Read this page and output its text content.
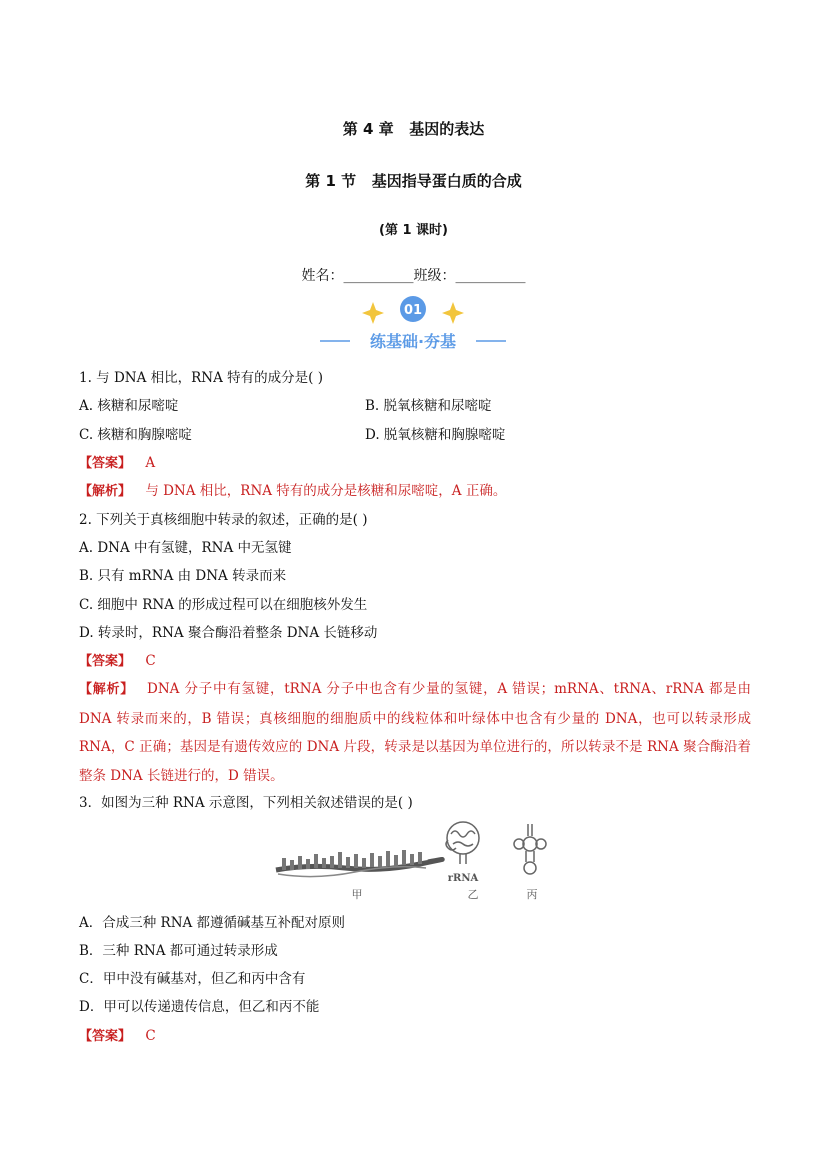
第 4 章   基因的表达
第 1 节   基因指导蛋白质的合成
(第 1 课时)
姓名：__________班级：__________
01
练基础·夯基
1. 与 DNA 相比，RNA 特有的成分是( )
A. 核糖和尿嘧啶	B. 脱氧核糖和尿嘧啶
C. 核糖和胸腺嘧啶	D. 脱氧核糖和胸腺嘧啶
【答案】 A
【解析】 与 DNA 相比，RNA 特有的成分是核糖和尿嘧啶，A 正确。
2. 下列关于真核细胞中转录的叙述，正确的是( )
A. DNA 中有氢键，RNA 中无氢键
B. 只有 mRNA 由 DNA 转录而来
C. 细胞中 RNA 的形成过程可以在细胞核外发生
D. 转录时，RNA 聚合酶沿着整条 DNA 长链移动
【答案】 C
【解析】 DNA 分子中有氢键，tRNA 分子中也含有少量的氢键，A 错误；mRNA、tRNA、rRNA 都是由 DNA 转录而来的，B 错误；真核细胞的细胞质中的线粒体和叶绿体中也含有少量的 DNA，也可以转录形成 RNA，C 正确；基因是有遗传效应的 DNA 片段，转录是以基因为单位进行的，所以转录不是 RNA 聚合酶沿着整条 DNA 长链进行的，D 错误。
3．如图为三种 RNA 示意图，下列相关叙述错误的是( )
甲
rRNA
乙	丙
A．合成三种 RNA 都遵循碱基互补配对原则
B．三种 RNA 都可通过转录形成
C．甲中没有碱基对，但乙和丙中含有
D．甲可以传递遗传信息，但乙和丙不能
【答案】 C
